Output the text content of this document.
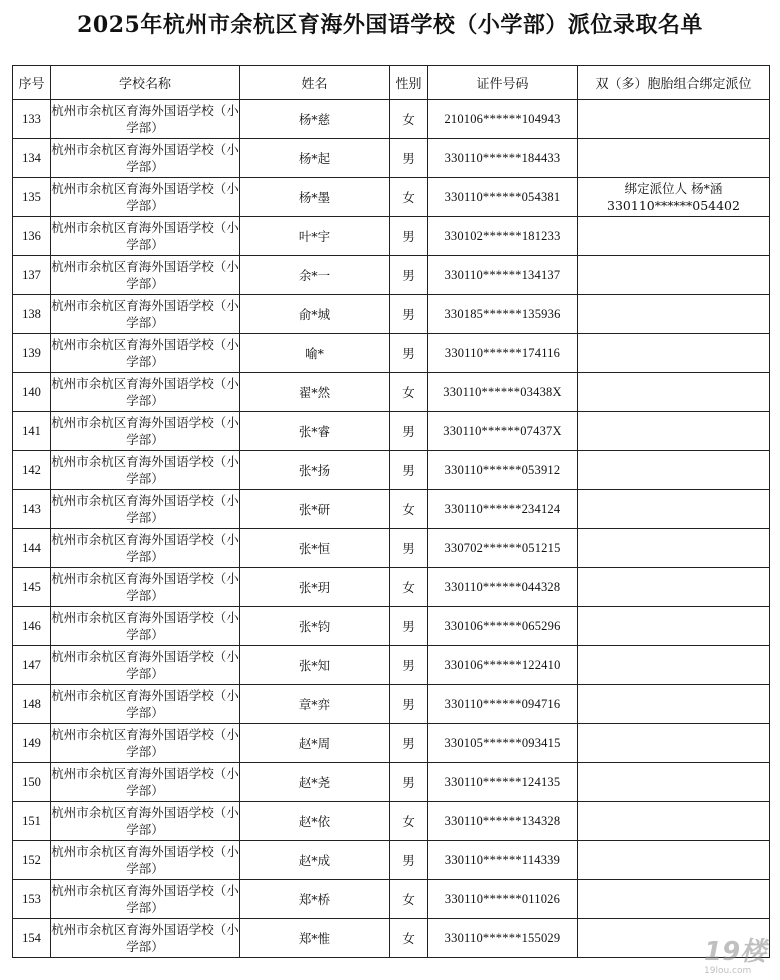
2025年杭州市余杭区育海外国语学校（小学部）派位录取名单
序号	学校名称	姓名	性别	证件号码	双（多）胞胎组合绑定派位
133	杭州市余杭区育海外国语学校（小学部）	杨*慈	女	210106******104943	
134	杭州市余杭区育海外国语学校（小学部）	杨*起	男	330110******184433	
135	杭州市余杭区育海外国语学校（小学部）	杨*墨	女	330110******054381	绑定派位人 杨*涵 330110******054402
136	杭州市余杭区育海外国语学校（小学部）	叶*宇	男	330102******181233	
137	杭州市余杭区育海外国语学校（小学部）	余*一	男	330110******134137	
138	杭州市余杭区育海外国语学校（小学部）	俞*城	男	330185******135936	
139	杭州市余杭区育海外国语学校（小学部）	喻*	男	330110******174116	
140	杭州市余杭区育海外国语学校（小学部）	翟*然	女	330110******03438X	
141	杭州市余杭区育海外国语学校（小学部）	张*睿	男	330110******07437X	
142	杭州市余杭区育海外国语学校（小学部）	张*扬	男	330110******053912	
143	杭州市余杭区育海外国语学校（小学部）	张*研	女	330110******234124	
144	杭州市余杭区育海外国语学校（小学部）	张*恒	男	330702******051215	
145	杭州市余杭区育海外国语学校（小学部）	张*玥	女	330110******044328	
146	杭州市余杭区育海外国语学校（小学部）	张*钧	男	330106******065296	
147	杭州市余杭区育海外国语学校（小学部）	张*知	男	330106******122410	
148	杭州市余杭区育海外国语学校（小学部）	章*弈	男	330110******094716	
149	杭州市余杭区育海外国语学校（小学部）	赵*周	男	330105******093415	
150	杭州市余杭区育海外国语学校（小学部）	赵*尧	男	330110******124135	
151	杭州市余杭区育海外国语学校（小学部）	赵*依	女	330110******134328	
152	杭州市余杭区育海外国语学校（小学部）	赵*成	男	330110******114339	
153	杭州市余杭区育海外国语学校（小学部）	郑*桥	女	330110******011026	
154	杭州市余杭区育海外国语学校（小学部）	郑*惟	女	330110******155029		19楼
19lou.com
